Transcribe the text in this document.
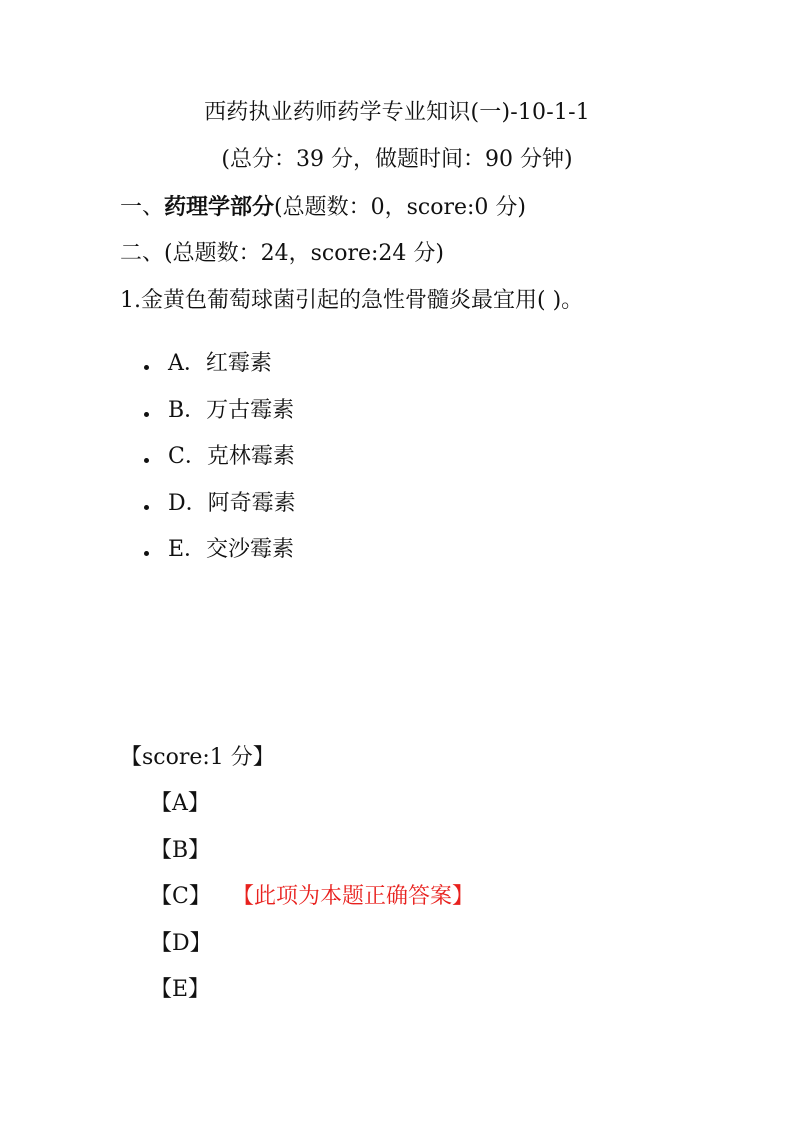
西药执业药师药学专业知识(一)-10-1-1
(总分：39 分，做题时间：90 分钟)
一、药理学部分(总题数：0，score:0 分)
二、(总题数：24，score:24 分)
1.金黄色葡萄球菌引起的急性骨髓炎最宜用( )。
A．红霉素
B．万古霉素
C．克林霉素
D．阿奇霉素
E．交沙霉素
【score:1 分】
【A】
【B】
【C】 【此项为本题正确答案】
【D】
【E】
